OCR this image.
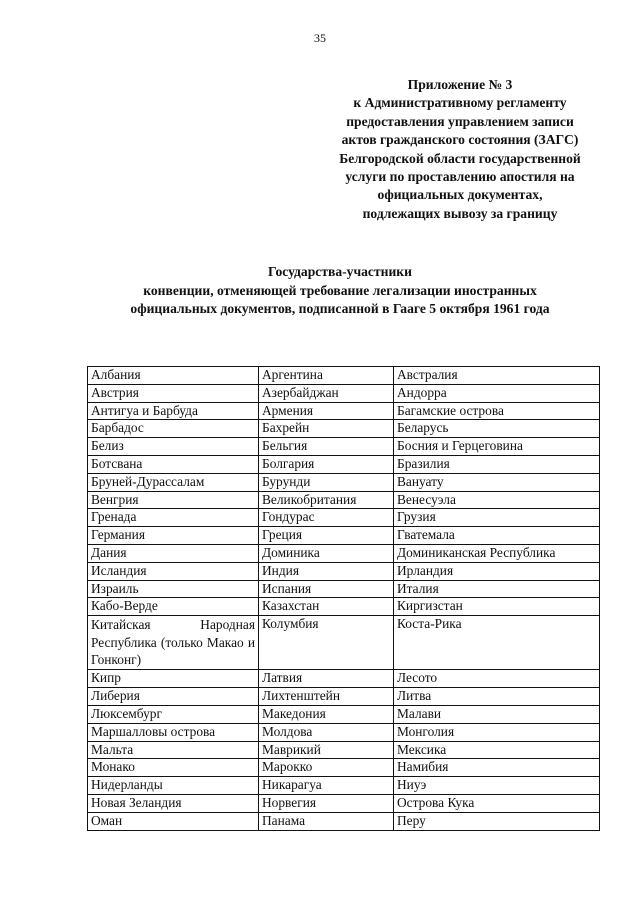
35
Приложение № 3
к Административному регламенту
предоставления управлением записи
актов гражданского состояния (ЗАГС)
Белгородской области государственной
услуги по проставлению апостиля на
официальных документах,
подлежащих вывозу за границу
Государства-участники
конвенции, отменяющей требование легализации иностранных
официальных документов, подписанной в Гааге 5 октября 1961 года
Албания	Аргентина	Австралия
Австрия	Азербайджан	Андорра
Антигуа и Барбуда	Армения	Багамские острова
Барбадос	Бахрейн	Беларусь
Белиз	Бельгия	Босния и Герцеговина
Ботсвана	Болгария	Бразилия
Бруней-Дурассалам	Бурунди	Вануату
Венгрия	Великобритания	Венесуэла
Гренада	Гондурас	Грузия
Германия	Греция	Гватемала
Дания	Доминика	Доминиканская Республика
Исландия	Индия	Ирландия
Израиль	Испания	Италия
Кабо-Верде	Казахстан	Киргизстан
Китайская Народная Республика (только Макао и Гонконг)	Колумбия	Коста-Рика
Кипр	Латвия	Лесото
Либерия	Лихтенштейн	Литва
Люксембург	Македония	Малави
Маршалловы острова	Молдова	Монголия
Мальта	Маврикий	Мексика
Монако	Марокко	Намибия
Нидерланды	Никарагуа	Ниуэ
Новая Зеландия	Норвегия	Острова Кука
Оман	Панама	Перу
